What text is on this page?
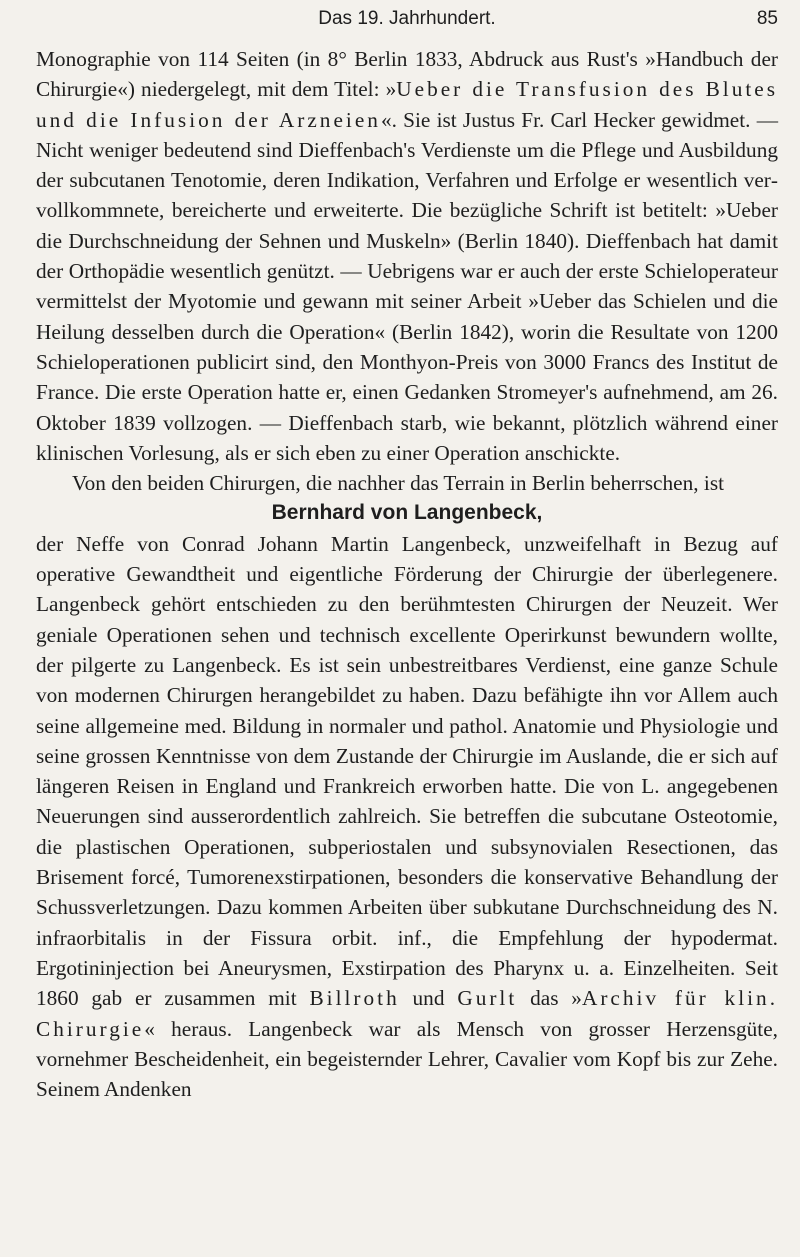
Das 19. Jahrhundert.	85

Monographie von 114 Seiten (in 8° Berlin 1833, Abdruck aus Rust's »Handbuch der Chirurgie«) niedergelegt, mit dem Titel: »Ueber die Transfusion des Blutes und die Infusion der Arzneien«. Sie ist Justus Fr. Carl Hecker gewidmet. — Nicht weniger bedeutend sind Dieffenbach's Verdienste um die Pflege und Ausbildung der subcutanen Tenotomie, deren Indikation, Verfahren und Erfolge er wesentlich vervollkommnete, bereicherte und erweiterte. Die bezügliche Schrift ist betitelt: »Ueber die Durchschneidung der Sehnen und Muskeln» (Berlin 1840). Dieffenbach hat damit der Orthopädie wesentlich genützt. — Uebrigens war er auch der erste Schieloperateur vermittelst der Myotomie und gewann mit seiner Arbeit »Ueber das Schielen und die Heilung desselben durch die Operation« (Berlin 1842), worin die Resultate von 1200 Schieloperationen publicirt sind, den Monthyon-Preis von 3000 Francs des Institut de France. Die erste Operation hatte er, einen Gedanken Stromeyer's aufnehmend, am 26. Oktober 1839 vollzogen. — Dieffenbach starb, wie bekannt, plötzlich während einer klinischen Vorlesung, als er sich eben zu einer Operation anschickte.

Von den beiden Chirurgen, die nachher das Terrain in Berlin beherrschen, ist

Bernhard von Langenbeck,

der Neffe von Conrad Johann Martin Langenbeck, unzweifelhaft in Bezug auf operative Gewandtheit und eigentliche Förderung der Chirurgie der überlegenere. Langenbeck gehört entschieden zu den berühmtesten Chirurgen der Neuzeit. Wer geniale Operationen sehen und technisch excellente Operirkunst bewundern wollte, der pilgerte zu Langenbeck. Es ist sein unbestreitbares Verdienst, eine ganze Schule von modernen Chirurgen herangebildet zu haben. Dazu befähigte ihn vor Allem auch seine allgemeine med. Bildung in normaler und pathol. Anatomie und Physiologie und seine grossen Kenntnisse von dem Zustande der Chirurgie im Auslande, die er sich auf längeren Reisen in England und Frankreich erworben hatte. Die von L. angegebenen Neuerungen sind ausserordentlich zahlreich. Sie betreffen die subcutane Osteotomie, die plastischen Operationen, subperiostalen und subsynovialen Resectionen, das Brisement forcé, Tumorenexstirpationen, besonders die konservative Behandlung der Schussverletzungen. Dazu kommen Arbeiten über subkutane Durchschneidung des N. infraorbitalis in der Fissura orbit. inf., die Empfehlung der hypodermat. Ergotininjection bei Aneurysmen, Exstirpation des Pharynx u. a. Einzelheiten. Seit 1860 gab er zusammen mit Billroth und Gurlt das »Archiv für klin. Chirurgie« heraus. Langenbeck war als Mensch von grosser Herzensgüte, vornehmer Bescheidenheit, ein begeisternder Lehrer, Cavalier vom Kopf bis zur Zehe. Seinem Andenken
